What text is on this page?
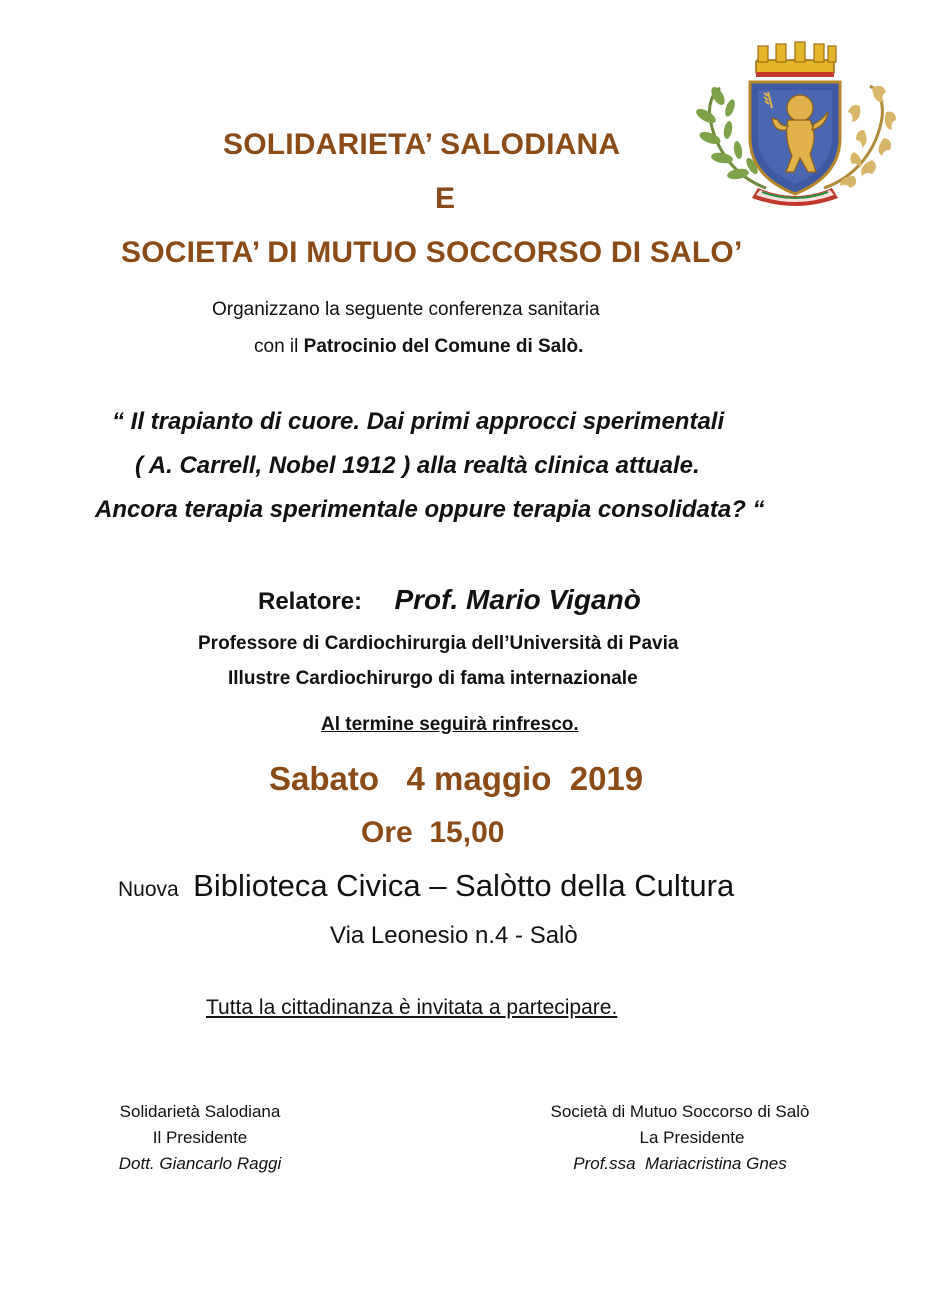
SOLIDARIETA’ SALODIANA
E
SOCIETA’ DI MUTUO SOCCORSO DI SALO’
Organizzano la seguente conferenza sanitaria
con il Patrocinio del Comune di Salò.
“ Il trapianto di cuore. Dai primi approcci sperimentali
( A. Carrell, Nobel 1912 ) alla realtà clinica attuale.
Ancora terapia sperimentale oppure terapia consolidata? “
Relatore: Prof. Mario Viganò
Professore di Cardiochirurgia dell’Università di Pavia
Illustre Cardiochirurgo di fama internazionale
Al termine seguirà rinfresco.
Sabato   4 maggio  2019
Ore  15,00
Nuova Biblioteca Civica – Salòtto della Cultura
Via Leonesio n.4 - Salò
Tutta la cittadinanza è invitata a partecipare.
Solidarietà Salodiana
Il Presidente
Dott. Giancarlo Raggi
Società di Mutuo Soccorso di Salò
La Presidente
Prof.ssa  Mariacristina Gnes
